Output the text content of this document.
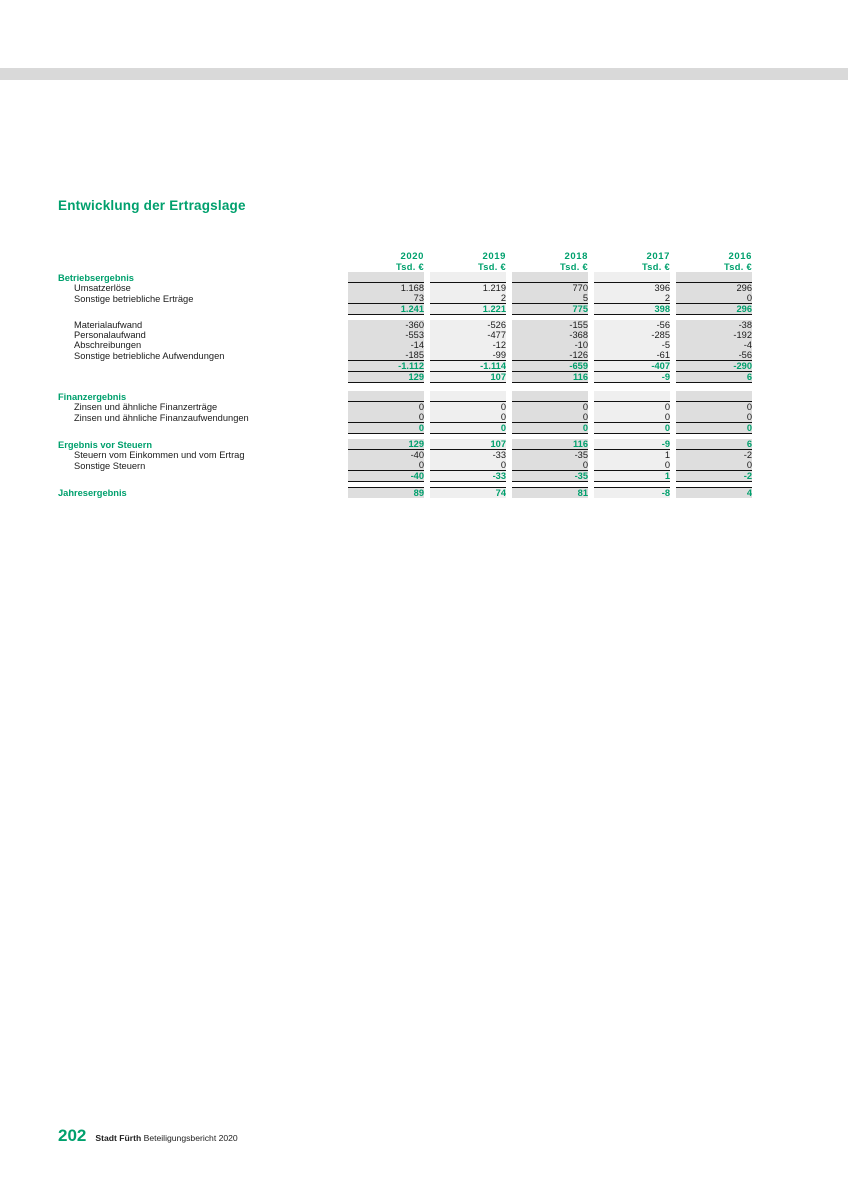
Entwicklung der Ertragslage
	2020		2019		2018		2017		2016
	Tsd. €		Tsd. €		Tsd. €		Tsd. €		Tsd. €
Betriebsergebnis									
Umsatzerlöse	1.168		1.219		770		396		296
Sonstige betriebliche Erträge	73		2		5		2		0
	1.241		1.221		775		398		296

Materialaufwand	-360		-526		-155		-56		-38
Personalaufwand	-553		-477		-368		-285		-192
Abschreibungen	-14		-12		-10		-5		-4
Sonstige betriebliche Aufwendungen	-185		-99		-126		-61		-56
	-1.112		-1.114		-659		-407		-290
	129		107		116		-9		6

Finanzergebnis									
Zinsen und ähnliche Finanzerträge	0		0		0		0		0
Zinsen und ähnliche Finanzaufwendungen	0		0		0		0		0
	0		0		0		0		0

Ergebnis vor Steuern	129		107		116		-9		6
Steuern vom Einkommen und vom Ertrag	-40		-33		-35		1		-2
Sonstige Steuern	0		0		0		0		0
	-40		-33		-35		1		-2

Jahresergebnis	89		74		81		-8		4
202 Stadt Fürth Beteiligungsbericht 2020
